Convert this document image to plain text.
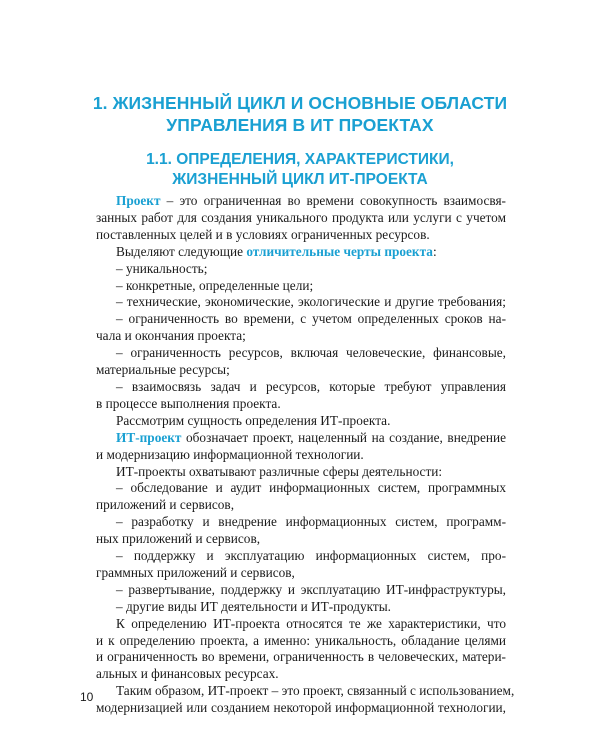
1. ЖИЗНЕННЫЙ ЦИКЛ И ОСНОВНЫЕ ОБЛАСТИ
УПРАВЛЕНИЯ В ИТ ПРОЕКТАХ
1.1. ОПРЕДЕЛЕНИЯ, ХАРАКТЕРИСТИКИ,
ЖИЗНЕННЫЙ ЦИКЛ ИТ-ПРОЕКТА
Проект – это ограниченная во времени совокупность взаимосвя-
занных работ для создания уникального продукта или услуги с учетом
поставленных целей и в условиях ограниченных ресурсов.
Выделяют следующие отличительные черты проекта:
– уникальность;
– конкретные, определенные цели;
– технические, экономические, экологические и другие требования;
– ограниченность во времени, с учетом определенных сроков на-
чала и окончания проекта;
– ограниченность ресурсов, включая человеческие, финансовые,
материальные ресурсы;
– взаимосвязь задач и ресурсов, которые требуют управления
в процессе выполнения проекта.
Рассмотрим сущность определения ИТ-проекта.
ИТ-проект обозначает проект, нацеленный на создание, внедрение
и модернизацию информационной технологии.
ИТ-проекты охватывают различные сферы деятельности:
– обследование и аудит информационных систем, программных
приложений и сервисов,
– разработку и внедрение информационных систем, программ-
ных приложений и сервисов,
– поддержку и эксплуатацию информационных систем, про-
граммных приложений и сервисов,
– развертывание, поддержку и эксплуатацию ИТ-инфраструктуры,
– другие виды ИТ деятельности и ИТ-продукты.
К определению ИТ-проекта относятся те же характеристики, что
и к определению проекта, а именно: уникальность, обладание целями
и ограниченность во времени, ограниченность в человеческих, матери-
альных и финансовых ресурсах.
Таким образом, ИТ-проект – это проект, связанный с использованием,
модернизацией или созданием некоторой информационной технологии,
10
